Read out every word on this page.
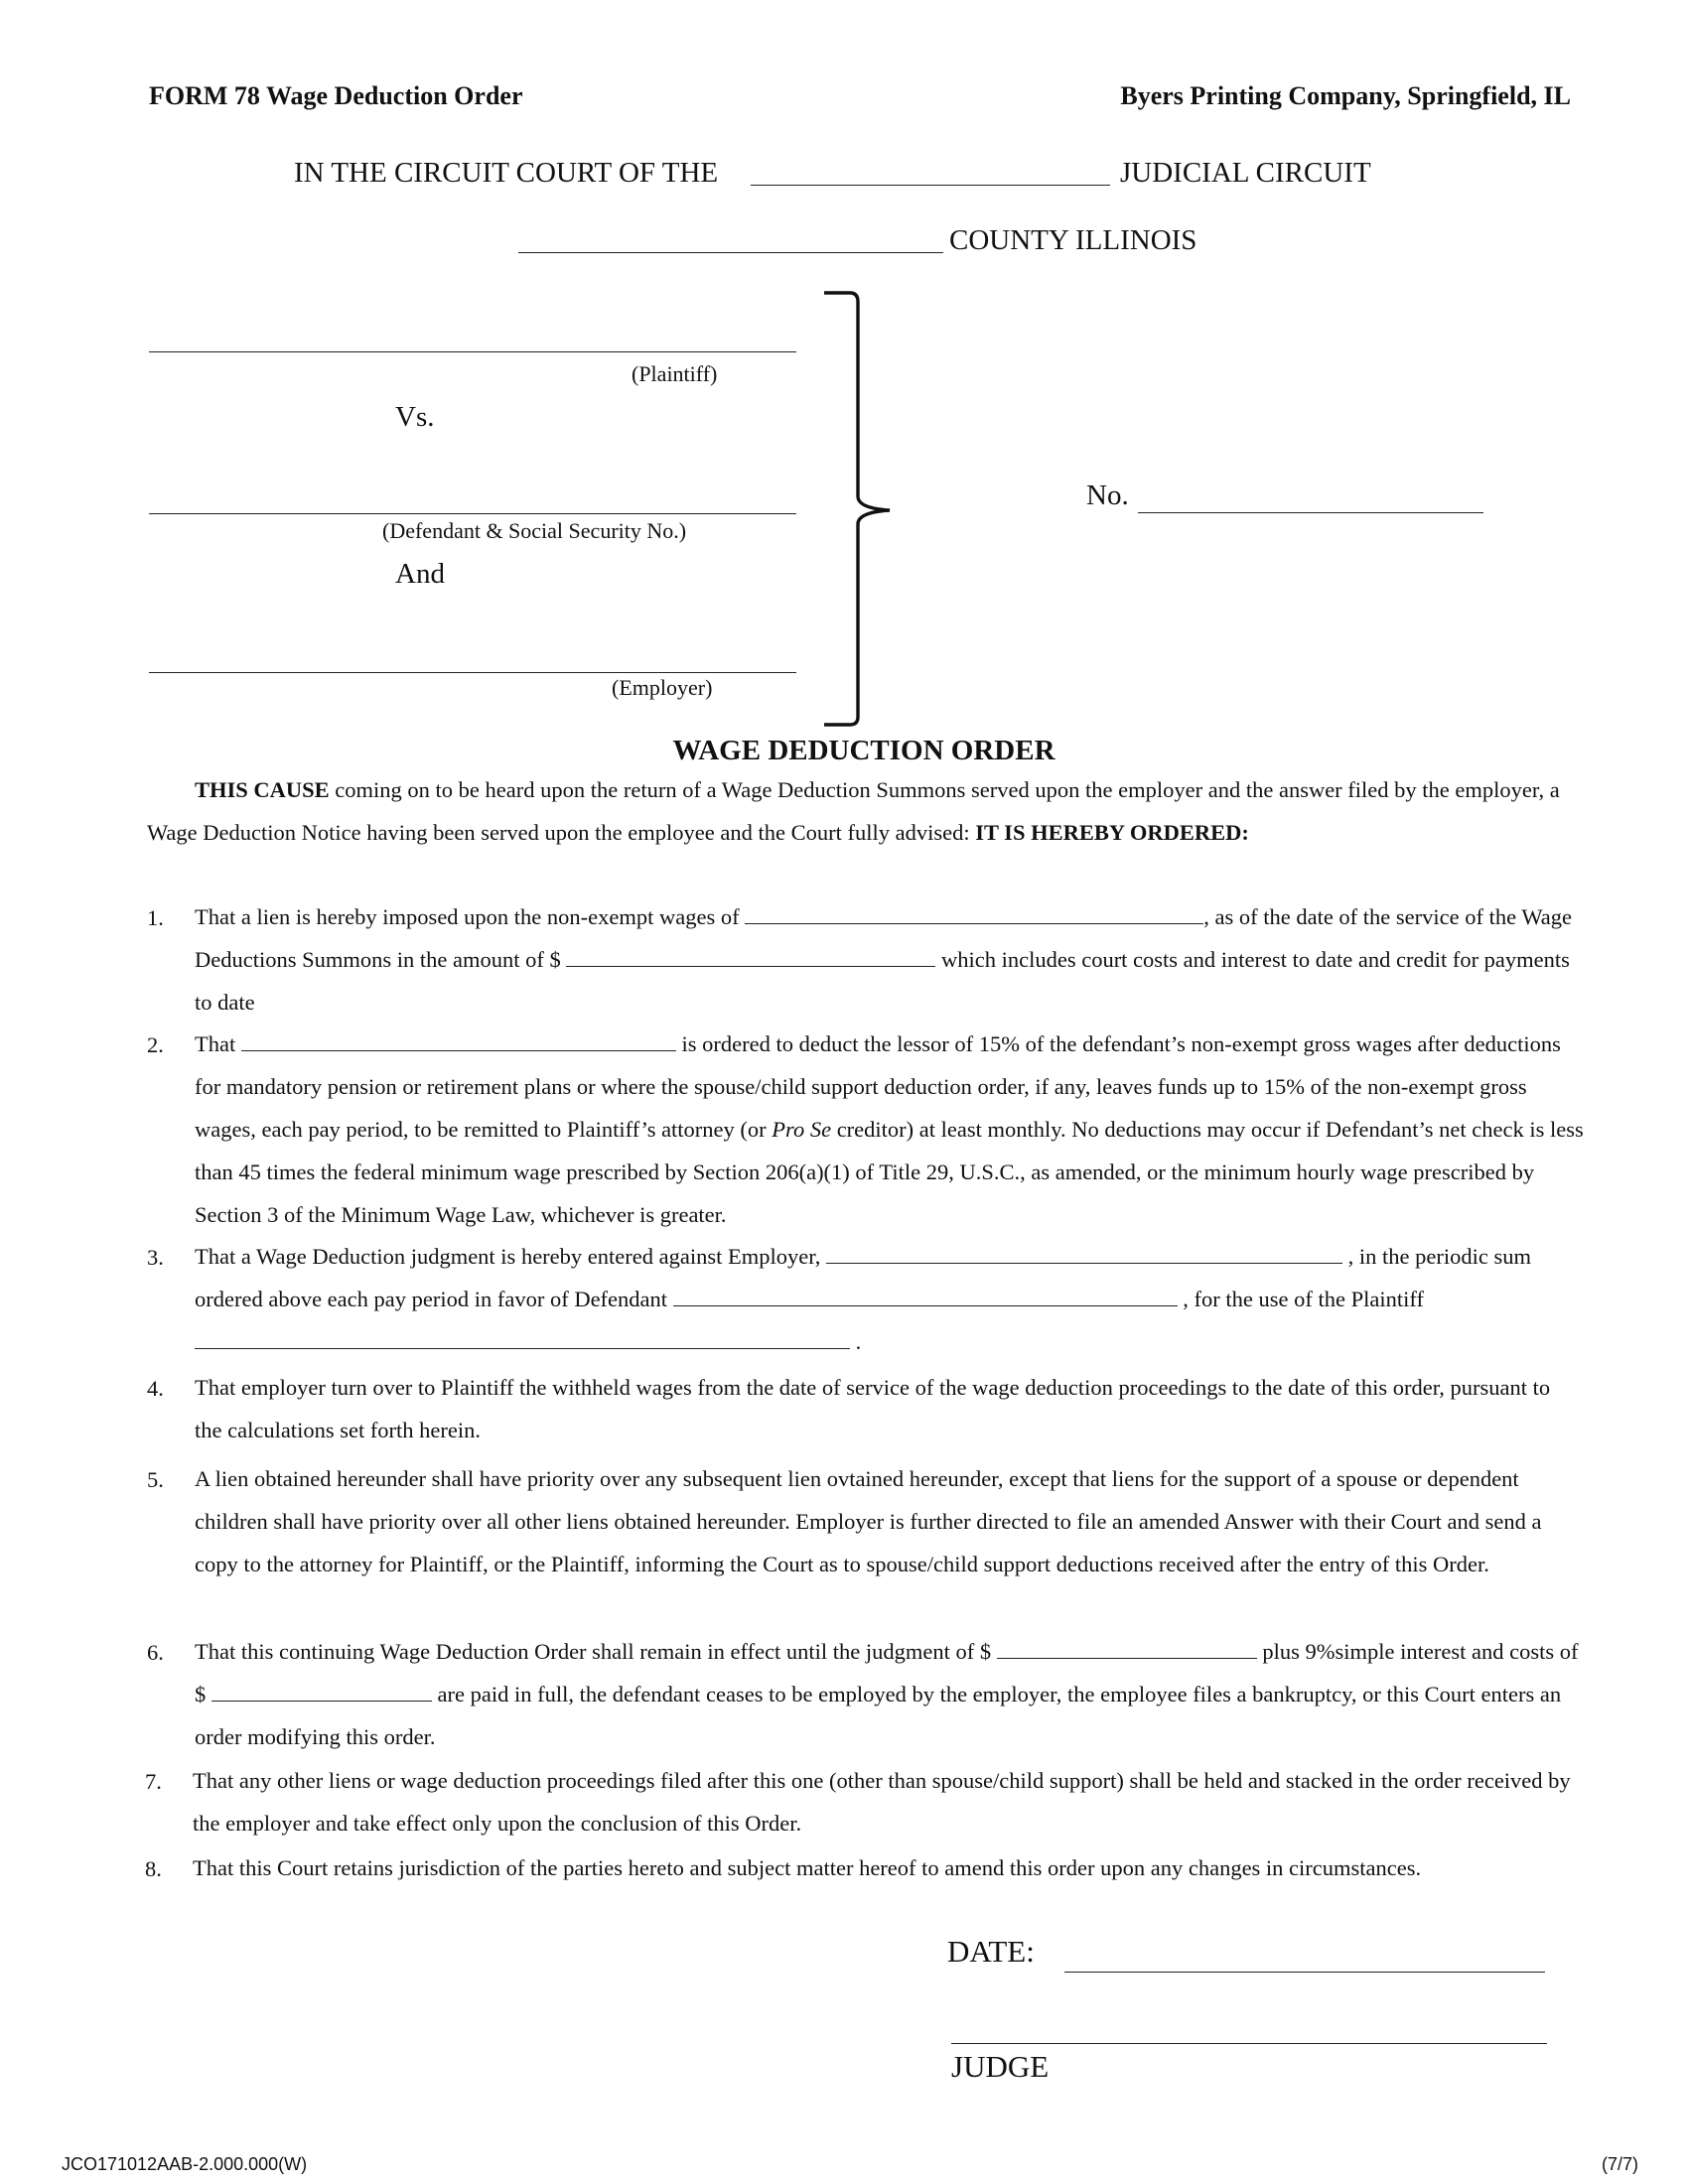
FORM 78 Wage Deduction Order	Byers Printing Company, Springfield, IL
IN THE CIRCUIT COURT OF THE	JUDICIAL CIRCUIT
COUNTY ILLINOIS
(Plaintiff)
Vs.
(Defendant & Social Security No.)
And
(Employer)
No.
WAGE DEDUCTION ORDER
THIS CAUSE coming on to be heard upon the return of a Wage Deduction Summons served upon the employer and the answer filed by the employer, a Wage Deduction Notice having been served upon the employee and the Court fully advised: IT IS HEREBY ORDERED:
1. That a lien is hereby imposed upon the non-exempt wages of	, as of the date of the service of the Wage Deductions Summons in the amount of $	which includes court costs and interest to date and credit for payments to date
2. That	is ordered to deduct the lessor of 15% of the defendant’s non-exempt gross wages after deductions for mandatory pension or retirement plans or where the spouse/child support deduction order, if any, leaves funds up to 15% of the non-exempt gross wages, each pay period, to be remitted to Plaintiff’s attorney (or Pro Se creditor) at least monthly. No deductions may occur if Defendant’s net check is less than 45 times the federal minimum wage prescribed by Section 206(a)(1) of Title 29, U.S.C., as amended, or the minimum hourly wage prescribed by Section 3 of the Minimum Wage Law, whichever is greater.
3. That a Wage Deduction judgment is hereby entered against Employer,	, in the periodic sum ordered above each pay period in favor of Defendant	, for the use of the Plaintiff  .
4. That employer turn over to Plaintiff the withheld wages from the date of service of the wage deduction proceedings to the date of this order, pursuant to the calculations set forth herein.
5. A lien obtained hereunder shall have priority over any subsequent lien ovtained hereunder, except that liens for the support of a spouse or dependent children shall have priority over all other liens obtained hereunder. Employer is further directed to file an amended Answer with their Court and send a copy to the attorney for Plaintiff, or the Plaintiff, informing the Court as to spouse/child support deductions received after the entry of this Order.
6. That this continuing Wage Deduction Order shall remain in effect until the judgment of $	plus 9%simple interest and costs of $	are paid in full, the defendant ceases to be employed by the employer, the employee files a bankruptcy, or this Court enters an order modifying this order.
7. That any other liens or wage deduction proceedings filed after this one (other than spouse/child support) shall be held and stacked in the order received by the employer and take effect only upon the conclusion of this Order.
8. That this Court retains jurisdiction of the parties hereto and subject matter hereof to amend this order upon any changes in circumstances.
DATE:
JUDGE
JCO171012AAB-2.000.000(W)	(7/7)
